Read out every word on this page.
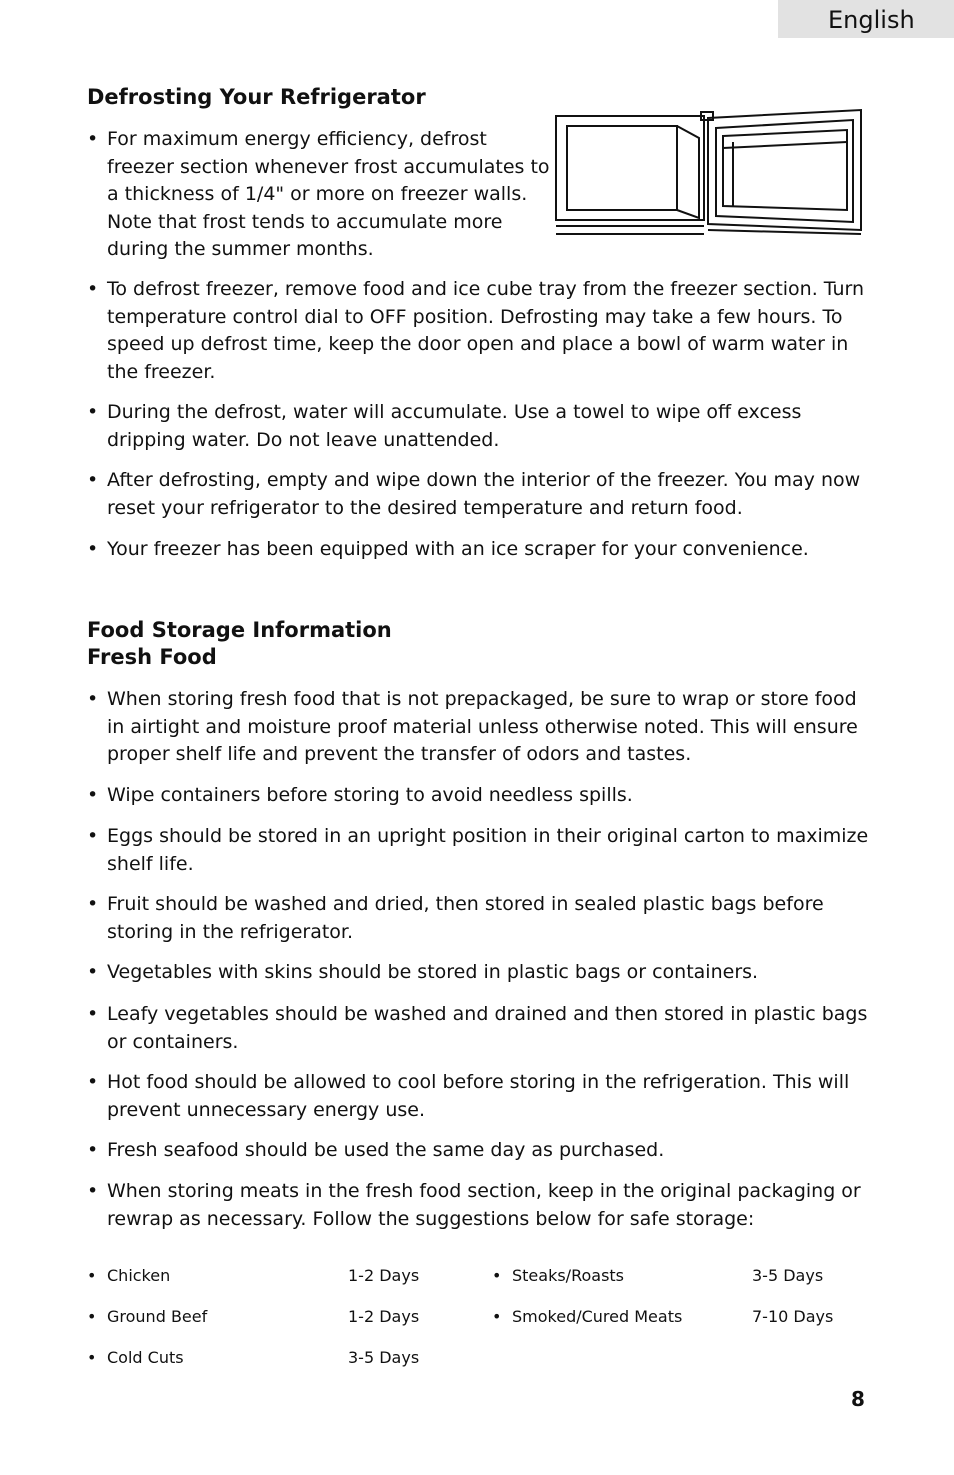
English
Defrosting Your Refrigerator

• For maximum energy efficiency, defrost freezer section whenever frost accumulates to a thickness of 1/4" or more on freezer walls. Note that frost tends to accumulate more during the summer months.

• To defrost freezer, remove food and ice cube tray from the freezer section. Turn temperature control dial to OFF position. Defrosting may take a few hours. To speed up defrost time, keep the door open and place a bowl of warm water in the freezer.

• During the defrost, water will accumulate. Use a towel to wipe off excess dripping water. Do not leave unattended.

• After defrosting, empty and wipe down the interior of the freezer. You may now reset your refrigerator to the desired temperature and return food.

• Your freezer has been equipped with an ice scraper for your convenience.

Food Storage Information
Fresh Food

• When storing fresh food that is not prepackaged, be sure to wrap or store food in airtight and moisture proof material unless otherwise noted. This will ensure proper shelf life and prevent the transfer of odors and tastes.

• Wipe containers before storing to avoid needless spills.

• Eggs should be stored in an upright position in their original carton to maximize shelf life.

• Fruit should be washed and dried, then stored in sealed plastic bags before storing in the refrigerator.

• Vegetables with skins should be stored in plastic bags or containers.

• Leafy vegetables should be washed and drained and then stored in plastic bags or containers.

• Hot food should be allowed to cool before storing in the refrigeration. This will prevent unnecessary energy use.

• Fresh seafood should be used the same day as purchased.

• When storing meats in the fresh food section, keep in the original packaging or rewrap as necessary. Follow the suggestions below for safe storage:

• Chicken	1-2 Days
• Ground Beef	1-2 Days
• Cold Cuts	3-5 Days
• Steaks/Roasts	3-5 Days
• Smoked/Cured Meats	7-10 Days
8
